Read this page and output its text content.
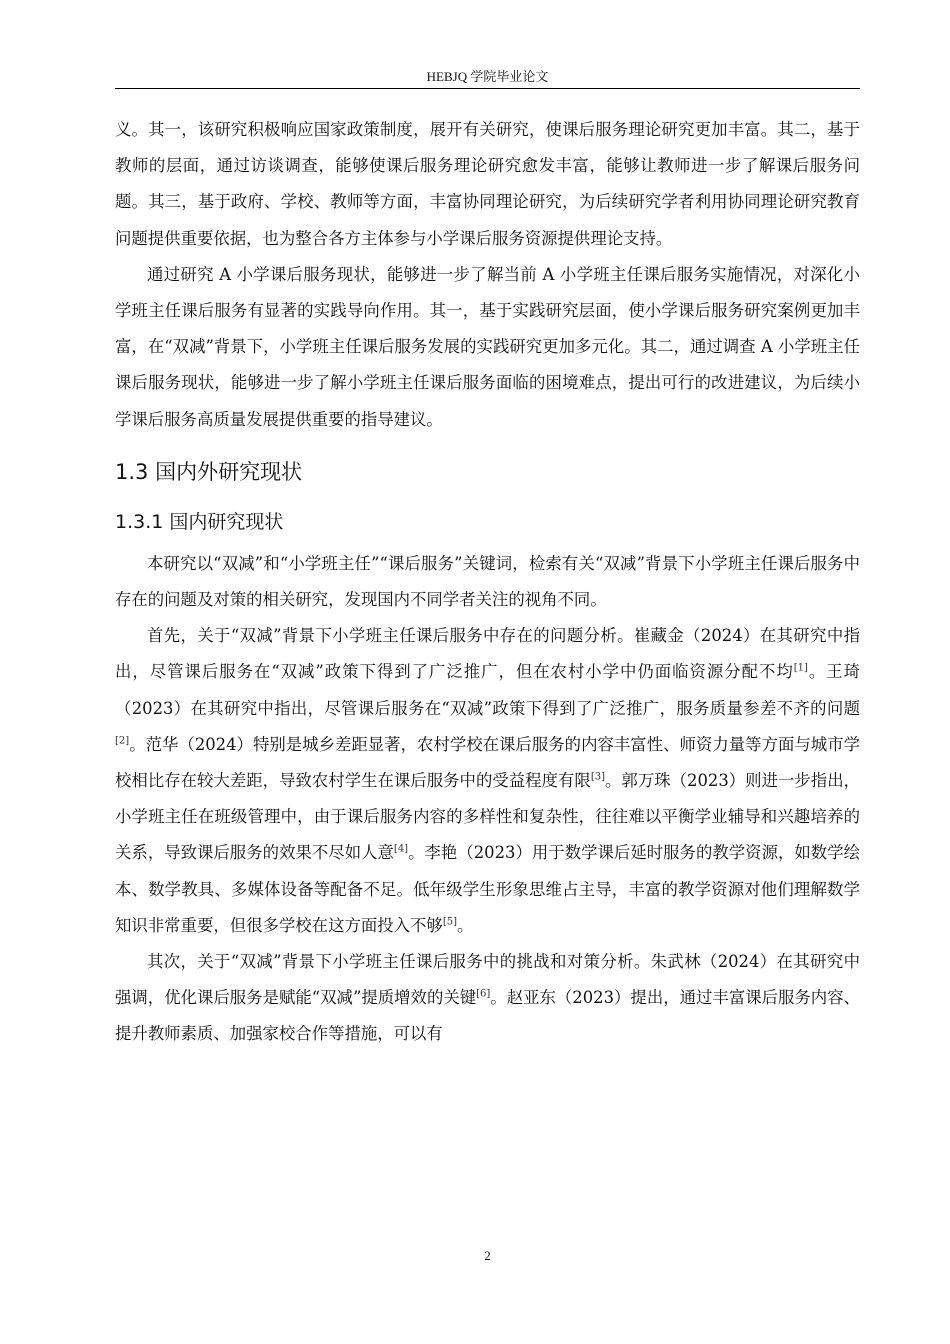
HEBJQ 学院毕业论文

义。其一，该研究积极响应国家政策制度，展开有关研究，使课后服务理论研究更加丰富。其二，基于教师的层面，通过访谈调查，能够使课后服务理论研究愈发丰富，能够让教师进一步了解课后服务问题。其三，基于政府、学校、教师等方面，丰富协同理论研究，为后续研究学者利用协同理论研究教育问题提供重要依据，也为整合各方主体参与小学课后服务资源提供理论支持。

通过研究 A 小学课后服务现状，能够进一步了解当前 A 小学班主任课后服务实施情况，对深化小学班主任课后服务有显著的实践导向作用。其一，基于实践研究层面，使小学课后服务研究案例更加丰富，在“双减”背景下，小学班主任课后服务发展的实践研究更加多元化。其二，通过调查 A 小学班主任课后服务现状，能够进一步了解小学班主任课后服务面临的困境难点，提出可行的改进建议，为后续小学课后服务高质量发展提供重要的指导建议。

1.3 国内外研究现状
1.3.1 国内研究现状

本研究以“双减”和“小学班主任”“课后服务”关键词，检索有关“双减”背景下小学班主任课后服务中存在的问题及对策的相关研究，发现国内不同学者关注的视角不同。

首先，关于“双减”背景下小学班主任课后服务中存在的问题分析。崔藏金（2024）在其研究中指出，尽管课后服务在“双减”政策下得到了广泛推广，但在农村小学中仍面临资源分配不均[1]。王琦（2023）在其研究中指出，尽管课后服务在“双减”政策下得到了广泛推广，服务质量参差不齐的问题[2]。范华（2024）特别是城乡差距显著，农村学校在课后服务的内容丰富性、师资力量等方面与城市学校相比存在较大差距，导致农村学生在课后服务中的受益程度有限[3]。郭万珠（2023）则进一步指出，小学班主任在班级管理中，由于课后服务内容的多样性和复杂性，往往难以平衡学业辅导和兴趣培养的关系，导致课后服务的效果不尽如人意[4]。李艳（2023）用于数学课后延时服务的教学资源，如数学绘本、数学教具、多媒体设备等配备不足。低年级学生形象思维占主导，丰富的教学资源对他们理解数学知识非常重要，但很多学校在这方面投入不够[5]。

其次，关于“双减”背景下小学班主任课后服务中的挑战和对策分析。朱武林（2024）在其研究中强调，优化课后服务是赋能“双减”提质增效的关键[6]。赵亚东（2023）提出，通过丰富课后服务内容、提升教师素质、加强家校合作等措施，可以有

2
